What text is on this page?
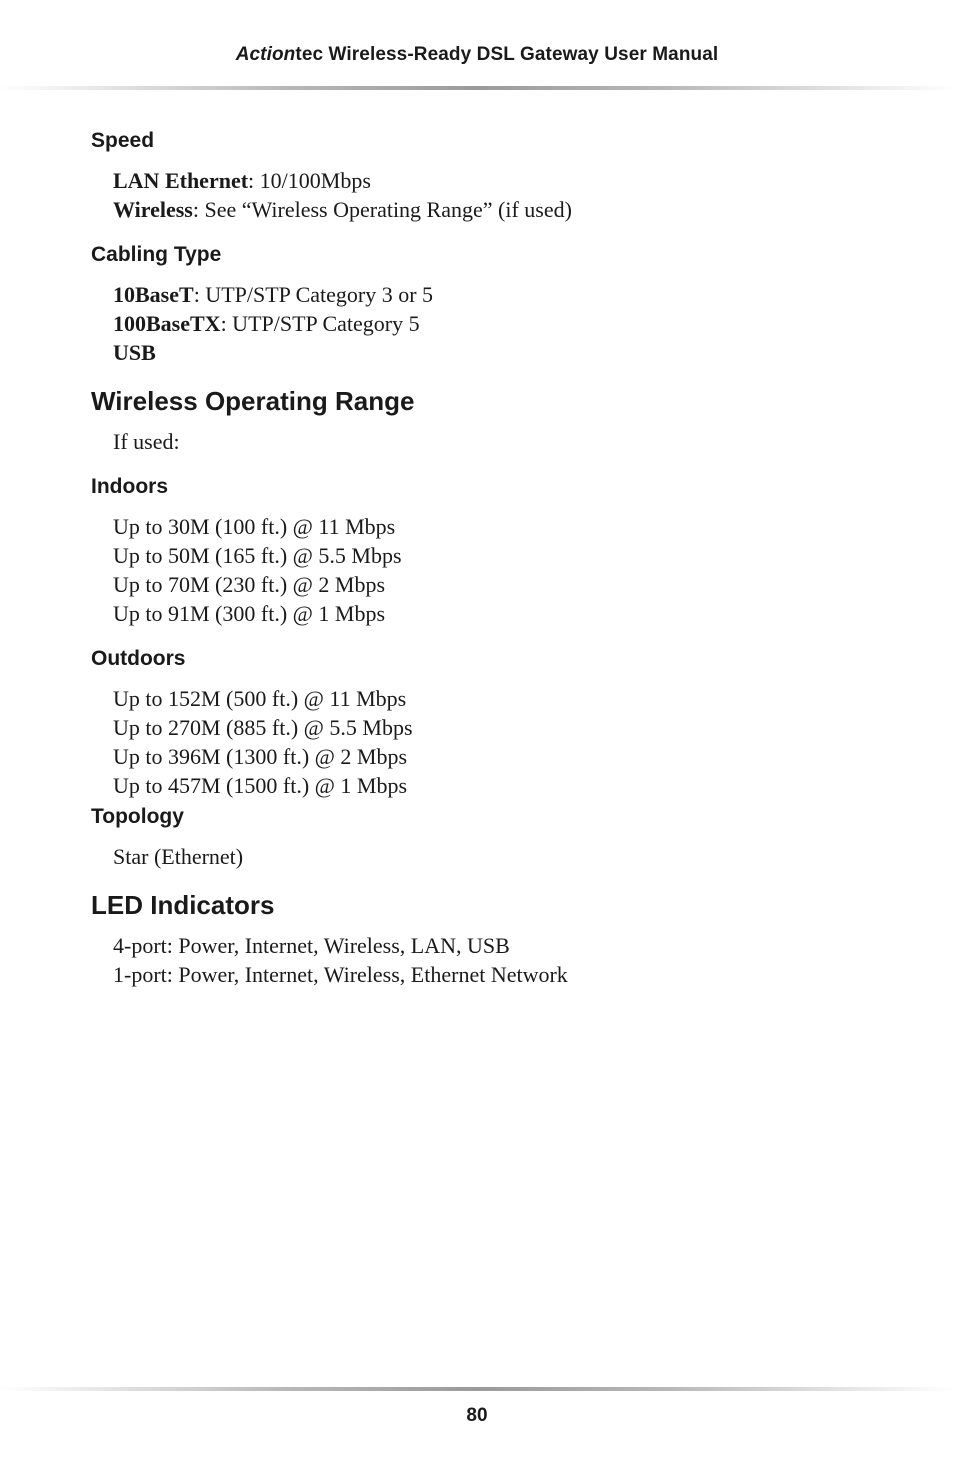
Actiontec Wireless-Ready DSL Gateway User Manual
Speed
LAN Ethernet: 10/100Mbps
Wireless: See “Wireless Operating Range” (if used)
Cabling Type
10BaseT: UTP/STP Category 3 or 5
100BaseTX: UTP/STP Category 5
USB
Wireless Operating Range
If used:
Indoors
Up to 30M (100 ft.) @ 11 Mbps
Up to 50M (165 ft.) @ 5.5 Mbps
Up to 70M (230 ft.) @ 2 Mbps
Up to 91M (300 ft.) @ 1 Mbps
Outdoors
Up to 152M (500 ft.) @ 11 Mbps
Up to 270M (885 ft.) @ 5.5 Mbps
Up to 396M (1300 ft.) @ 2 Mbps
Up to 457M (1500 ft.) @ 1 Mbps
Topology
Star (Ethernet)
LED Indicators
4-port: Power, Internet, Wireless, LAN, USB
1-port: Power, Internet, Wireless, Ethernet Network
80
